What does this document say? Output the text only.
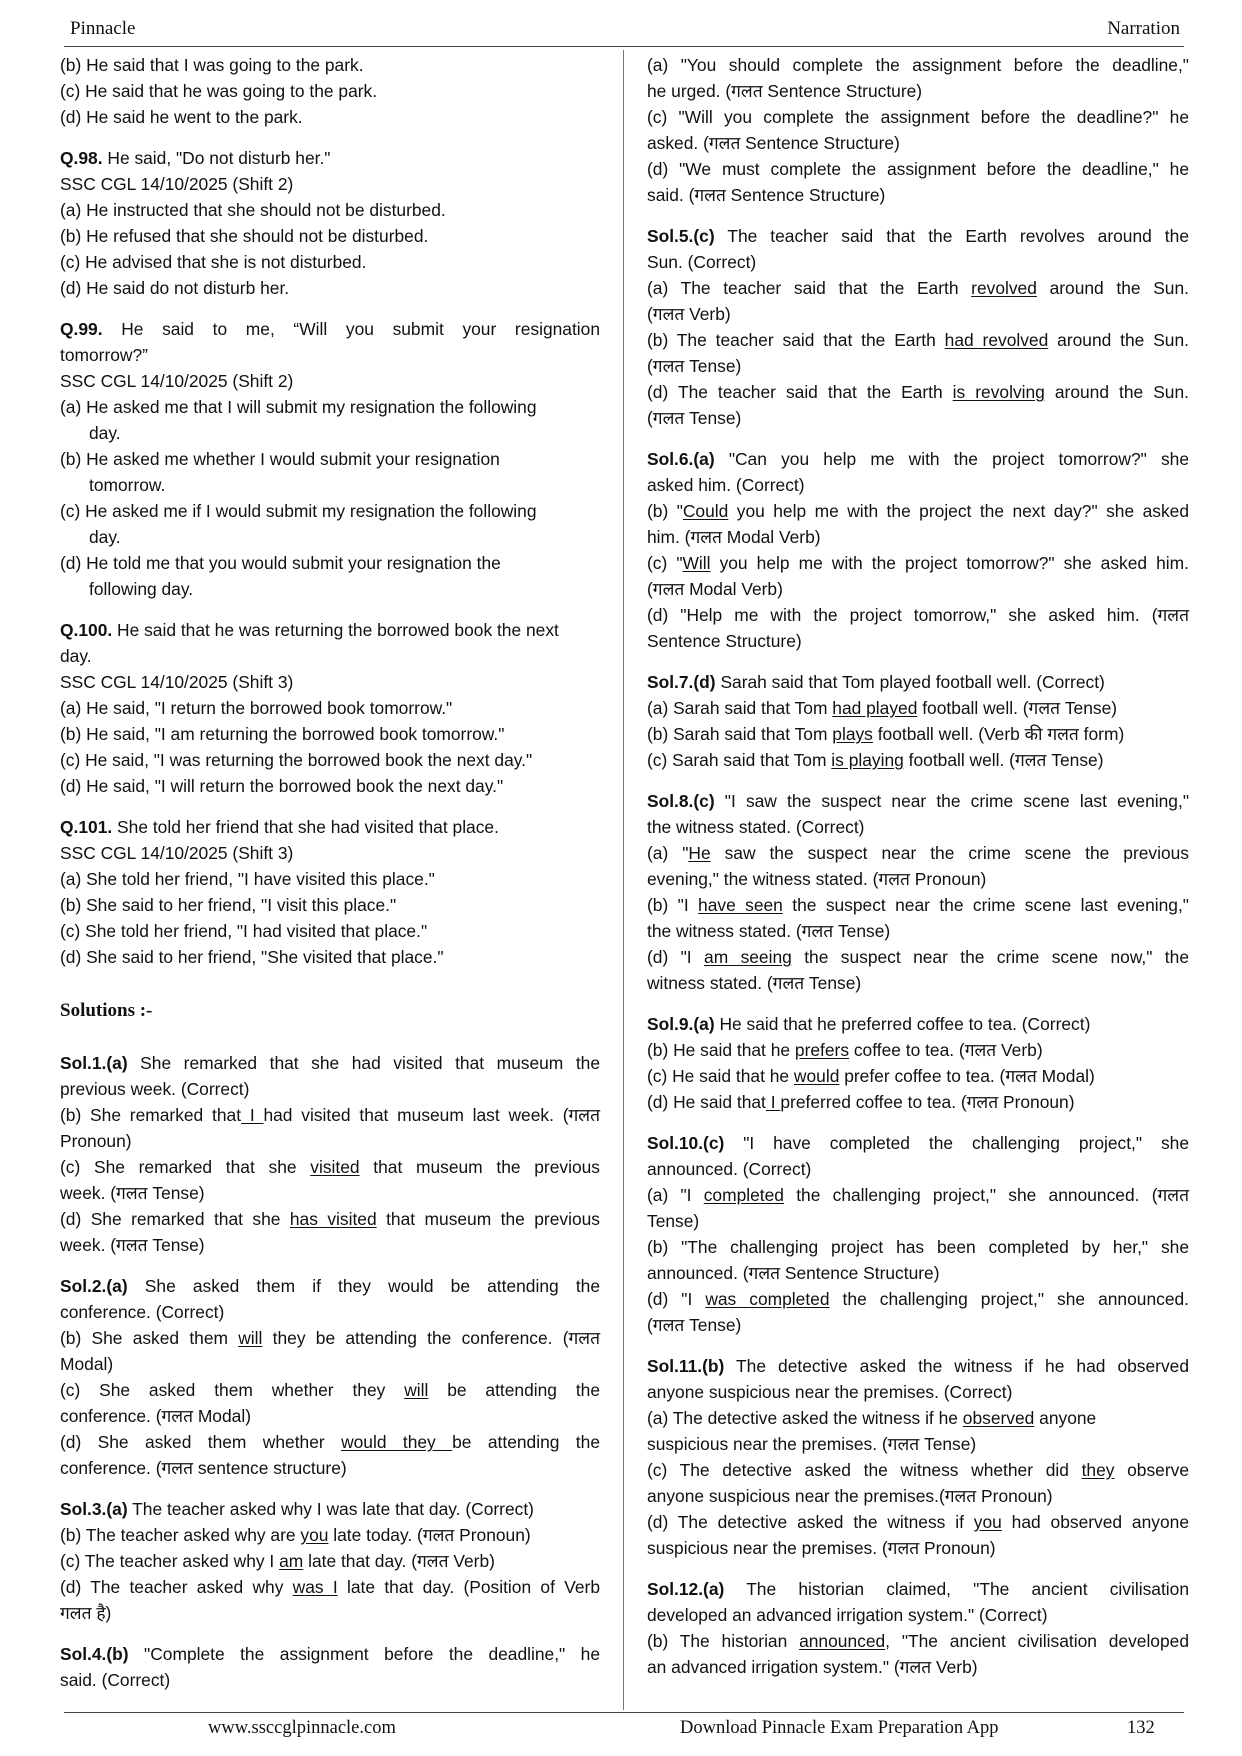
Pinnacle	Narration
(b) He said that I was going to the park.
(c) He said that he was going to the park.
(d) He said he went to the park.
Q.98. He said, "Do not disturb her."
SSC CGL 14/10/2025 (Shift 2)
(a) He instructed that she should not be disturbed.
(b) He refused that she should not be disturbed.
(c) He advised that she is not disturbed.
(d) He said do not disturb her.
Q.99. He said to me, “Will you submit your resignation
tomorrow?”
SSC CGL 14/10/2025 (Shift 2)
(a) He asked me that I will submit my resignation the following
day.
(b) He asked me whether I would submit your resignation
tomorrow.
(c) He asked me if I would submit my resignation the following
day.
(d) He told me that you would submit your resignation the
following day.
Q.100. He said that he was returning the borrowed book the next
day.
SSC CGL 14/10/2025 (Shift 3)
(a) He said, "I return the borrowed book tomorrow."
(b) He said, "I am returning the borrowed book tomorrow."
(c) He said, "I was returning the borrowed book the next day."
(d) He said, "I will return the borrowed book the next day."
Q.101. She told her friend that she had visited that place.
SSC CGL 14/10/2025 (Shift 3)
(a) She told her friend, "I have visited this place."
(b) She said to her friend, "I visit this place."
(c) She told her friend, "I had visited that place."
(d) She said to her friend, "She visited that place."
Solutions :-
Sol.1.(a) She remarked that she had visited that museum the
previous week. (Correct)
(b) She remarked that I had visited that museum last week. (गलत
Pronoun)
(c) She remarked that she visited that museum the previous
week. (गलत Tense)
(d) She remarked that she has visited that museum the previous
week. (गलत Tense)
Sol.2.(a) She asked them if they would be attending the
conference. (Correct)
(b) She asked them will they be attending the conference. (गलत
Modal)
(c) She asked them whether they will be attending the
conference. (गलत Modal)
(d) She asked them whether would they be attending the
conference. (गलत sentence structure)
Sol.3.(a) The teacher asked why I was late that day. (Correct)
(b) The teacher asked why are you late today. (गलत Pronoun)
(c) The teacher asked why I am late that day. (गलत Verb)
(d) The teacher asked why was I late that day. (Position of Verb
गलत है)
Sol.4.(b) "Complete the assignment before the deadline," he
said. (Correct)
(a) "You should complete the assignment before the deadline,"
he urged. (गलत Sentence Structure)
(c) "Will you complete the assignment before the deadline?" he
asked. (गलत Sentence Structure)
(d) "We must complete the assignment before the deadline," he
said. (गलत Sentence Structure)
Sol.5.(c) The teacher said that the Earth revolves around the
Sun. (Correct)
(a) The teacher said that the Earth revolved around the Sun.
(गलत Verb)
(b) The teacher said that the Earth had revolved around the Sun.
(गलत Tense)
(d) The teacher said that the Earth is revolving around the Sun.
(गलत Tense)
Sol.6.(a) "Can you help me with the project tomorrow?" she
asked him. (Correct)
(b) "Could you help me with the project the next day?" she asked
him. (गलत Modal Verb)
(c) "Will you help me with the project tomorrow?" she asked him.
(गलत Modal Verb)
(d) "Help me with the project tomorrow," she asked him. (गलत
Sentence Structure)
Sol.7.(d) Sarah said that Tom played football well. (Correct)
(a) Sarah said that Tom had played football well. (गलत Tense)
(b) Sarah said that Tom plays football well. (Verb की गलत form)
(c) Sarah said that Tom is playing football well. (गलत Tense)
Sol.8.(c) "I saw the suspect near the crime scene last evening,"
the witness stated. (Correct)
(a) "He saw the suspect near the crime scene the previous
evening," the witness stated. (गलत Pronoun)
(b) "I have seen the suspect near the crime scene last evening,"
the witness stated. (गलत Tense)
(d) "I am seeing the suspect near the crime scene now," the
witness stated. (गलत Tense)
Sol.9.(a) He said that he preferred coffee to tea. (Correct)
(b) He said that he prefers coffee to tea. (गलत Verb)
(c) He said that he would prefer coffee to tea. (गलत Modal)
(d) He said that I preferred coffee to tea. (गलत Pronoun)
Sol.10.(c) "I have completed the challenging project," she
announced. (Correct)
(a) "I completed the challenging project," she announced. (गलत
Tense)
(b) "The challenging project has been completed by her," she
announced. (गलत Sentence Structure)
(d) "I was completed the challenging project," she announced.
(गलत Tense)
Sol.11.(b) The detective asked the witness if he had observed
anyone suspicious near the premises. (Correct)
(a) The detective asked the witness if he observed anyone
suspicious near the premises. (गलत Tense)
(c) The detective asked the witness whether did they observe
anyone suspicious near the premises.(गलत Pronoun)
(d) The detective asked the witness if you had observed anyone
suspicious near the premises. (गलत Pronoun)
Sol.12.(a) The historian claimed, "The ancient civilisation
developed an advanced irrigation system." (Correct)
(b) The historian announced, "The ancient civilisation developed
an advanced irrigation system." (गलत Verb)
www.ssccglpinnacle.com	Download Pinnacle Exam Preparation App	132
